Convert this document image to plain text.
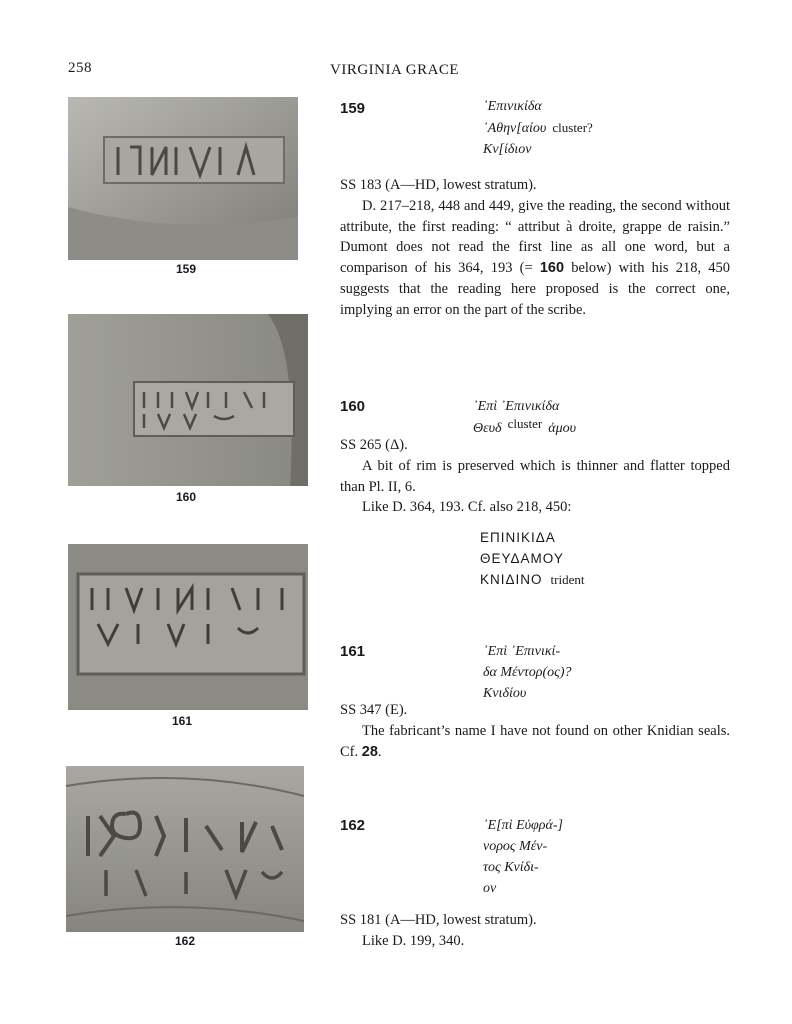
258	VIRGINIA GRACE
159
160
161
162
159	᾿Επινικίδα
᾿Αθην[αίου cluster?
Κν[ίδιον

SS 183 (A—HD, lowest stratum).

D. 217–218, 448 and 449, give the reading, the second without attribute, the first reading: “ attribut à droite, grappe de raisin.” Dumont does not read the first line as all one word, but a comparison of his 364, 193 (= 160 below) with his 218, 450 suggests that the reading here proposed is the correct one, implying an error on the part of the scribe.

160	᾿Επὶ ᾿Επινικίδα
Θευδ cluster ἀμου

SS 265 (Δ).

A bit of rim is preserved which is thinner and flatter topped than Pl. II, 6.

Like D. 364, 193. Cf. also 218, 450:

ΕΠΙΝΙΚΙΔΑ
ΘΕΥΔΑΜΟΥ
ΚΝΙΔΙΝΟ trident
161	᾿Επὶ ᾿Επινικί-
δα Μέντορ(ος)?
Κνιδίου

SS 347 (E).

The fabricant’s name I have not found on other Knidian seals. Cf. 28.

162	᾿Ε[πὶ Εὐφρά-]
νορος Μέν-
τος Κνίδι-
ον

SS 181 (A—HD, lowest stratum).

Like D. 199, 340.
